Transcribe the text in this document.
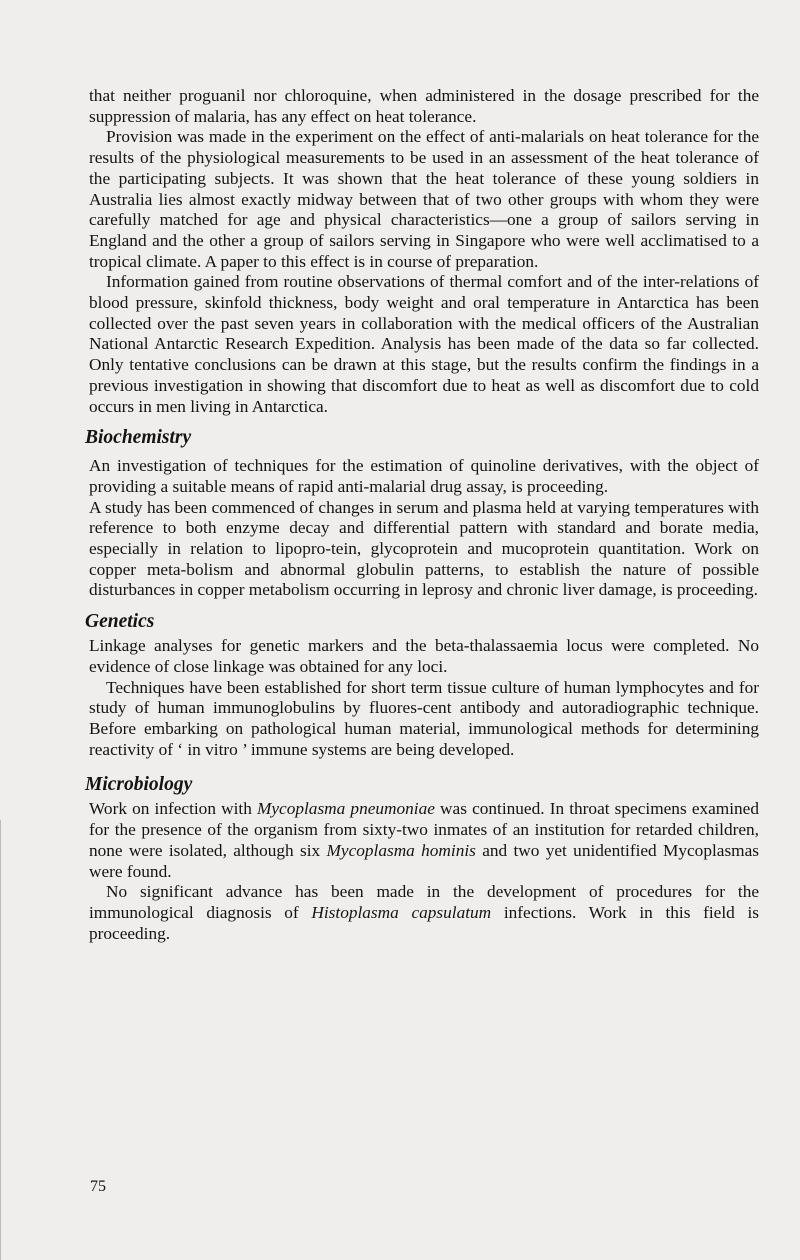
that neither proguanil nor chloroquine, when administered in the dosage prescribed for the suppression of malaria, has any effect on heat tolerance.

Provision was made in the experiment on the effect of anti-malarials on heat tolerance for the results of the physiological measurements to be used in an assessment of the heat tolerance of the participating subjects. It was shown that the heat tolerance of these young soldiers in Australia lies almost exactly midway between that of two other groups with whom they were carefully matched for age and physical characteristics—one a group of sailors serving in England and the other a group of sailors serving in Singapore who were well acclimatised to a tropical climate. A paper to this effect is in course of preparation.

Information gained from routine observations of thermal comfort and of the inter-relations of blood pressure, skinfold thickness, body weight and oral temperature in Antarctica has been collected over the past seven years in collaboration with the medical officers of the Australian National Antarctic Research Expedition. Analysis has been made of the data so far collected. Only tentative conclusions can be drawn at this stage, but the results confirm the findings in a previous investigation in showing that discomfort due to heat as well as discomfort due to cold occurs in men living in Antarctica.

Biochemistry

An investigation of techniques for the estimation of quinoline derivatives, with the object of providing a suitable means of rapid anti-malarial drug assay, is proceeding.

A study has been commenced of changes in serum and plasma held at varying temperatures with reference to both enzyme decay and differential pattern with standard and borate media, especially in relation to lipopro-tein, glycoprotein and mucoprotein quantitation. Work on copper meta-bolism and abnormal globulin patterns, to establish the nature of possible disturbances in copper metabolism occurring in leprosy and chronic liver damage, is proceeding.

Genetics

Linkage analyses for genetic markers and the beta-thalassaemia locus were completed. No evidence of close linkage was obtained for any loci.

Techniques have been established for short term tissue culture of human lymphocytes and for study of human immunoglobulins by fluores-cent antibody and autoradiographic technique. Before embarking on pathological human material, immunological methods for determining reactivity of ‘ in vitro ’ immune systems are being developed.

Microbiology

Work on infection with Mycoplasma pneumoniae was continued. In throat specimens examined for the presence of the organism from sixty-two inmates of an institution for retarded children, none were isolated, although six Mycoplasma hominis and two yet unidentified Mycoplasmas were found.

No significant advance has been made in the development of procedures for the immunological diagnosis of Histoplasma capsulatum infections. Work in this field is proceeding.

75
